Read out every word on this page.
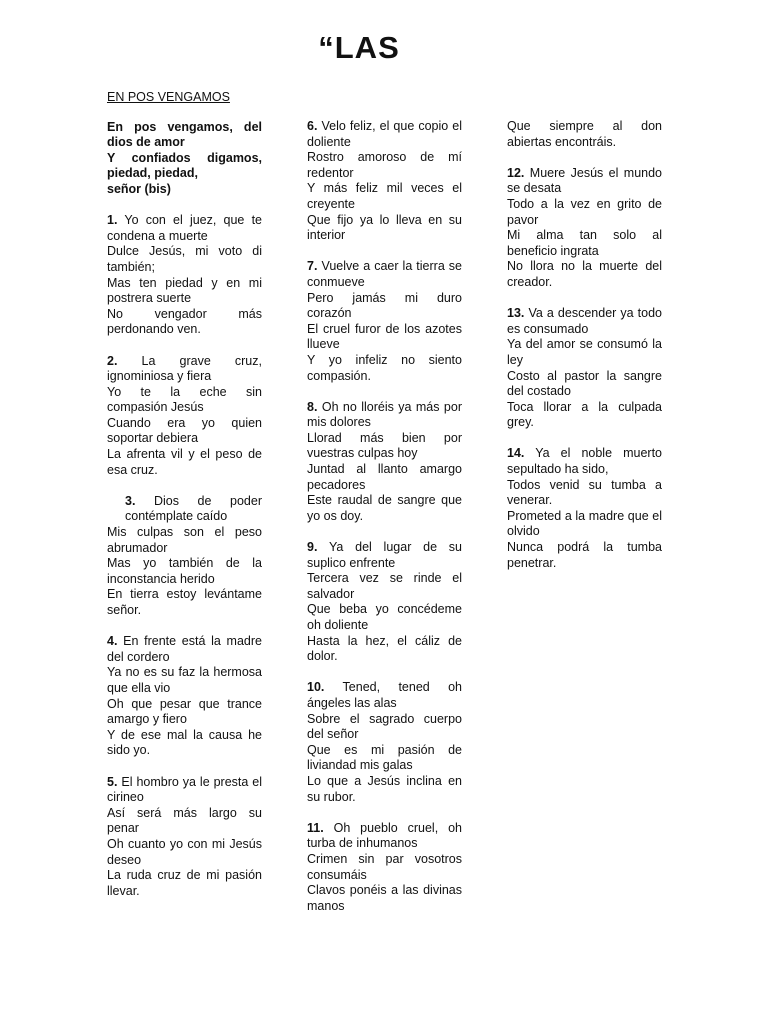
“LAS
EN POS VENGAMOS
En pos vengamos, del dios de amor
Y confiados digamos, piedad, piedad,
señor (bis)
1. Yo con el juez, que te condena a muerte
Dulce Jesús, mi voto di también;
Mas ten piedad y en mi postrera suerte
No vengador más perdonando ven.
2. La grave cruz, ignominiosa y fiera
Yo te la eche sin compasión Jesús
Cuando era yo quien soportar debiera
La afrenta vil y el peso de esa cruz.
3. Dios de poder contémplate caído
Mis culpas son el peso abrumador
Mas yo también de la inconstancia herido
En tierra estoy levántame señor.
4. En frente está la madre del cordero
Ya no es su faz la hermosa que ella vio
Oh que pesar que trance amargo y fiero
Y de ese mal la causa he sido yo.
5. El hombro ya le presta el cirineo
Así será más largo su penar
Oh cuanto yo con mi Jesús deseo
La ruda cruz de mi pasión llevar.
6. Velo feliz, el que copio el doliente
Rostro amoroso de mí redentor
Y más feliz mil veces el creyente
Que fijo ya lo lleva en su interior
7. Vuelve a caer la tierra se conmueve
Pero jamás mi duro corazón
El cruel furor de los azotes llueve
Y yo infeliz no siento compasión.
8. Oh no lloréis ya más por mis dolores
Llorad más bien por vuestras culpas hoy
Juntad al llanto amargo pecadores
Este raudal de sangre que yo os doy.
9. Ya del lugar de su suplico enfrente
Tercera vez se rinde el salvador
Que beba yo concédeme oh doliente
Hasta la hez, el cáliz de dolor.
10. Tened, tened oh ángeles las alas
Sobre el sagrado cuerpo del señor
Que es mi pasión de liviandad mis galas
Lo que a Jesús inclina en su rubor.
11. Oh pueblo cruel, oh turba de inhumanos
Crimen sin par vosotros consumáis
Clavos ponéis a las divinas manos
Que siempre al don abiertas encontráis.
12. Muere Jesús el mundo se desata
Todo a la vez en grito de pavor
Mi alma tan solo al beneficio ingrata
No llora no la muerte del creador.
13. Va a descender ya todo es consumado
Ya del amor se consumó la ley
Costo al pastor la sangre del costado
Toca llorar a la culpada grey.
14. Ya el noble muerto sepultado ha sido,
Todos venid su tumba a venerar.
Prometed a la madre que el olvido
Nunca podrá la tumba penetrar.
